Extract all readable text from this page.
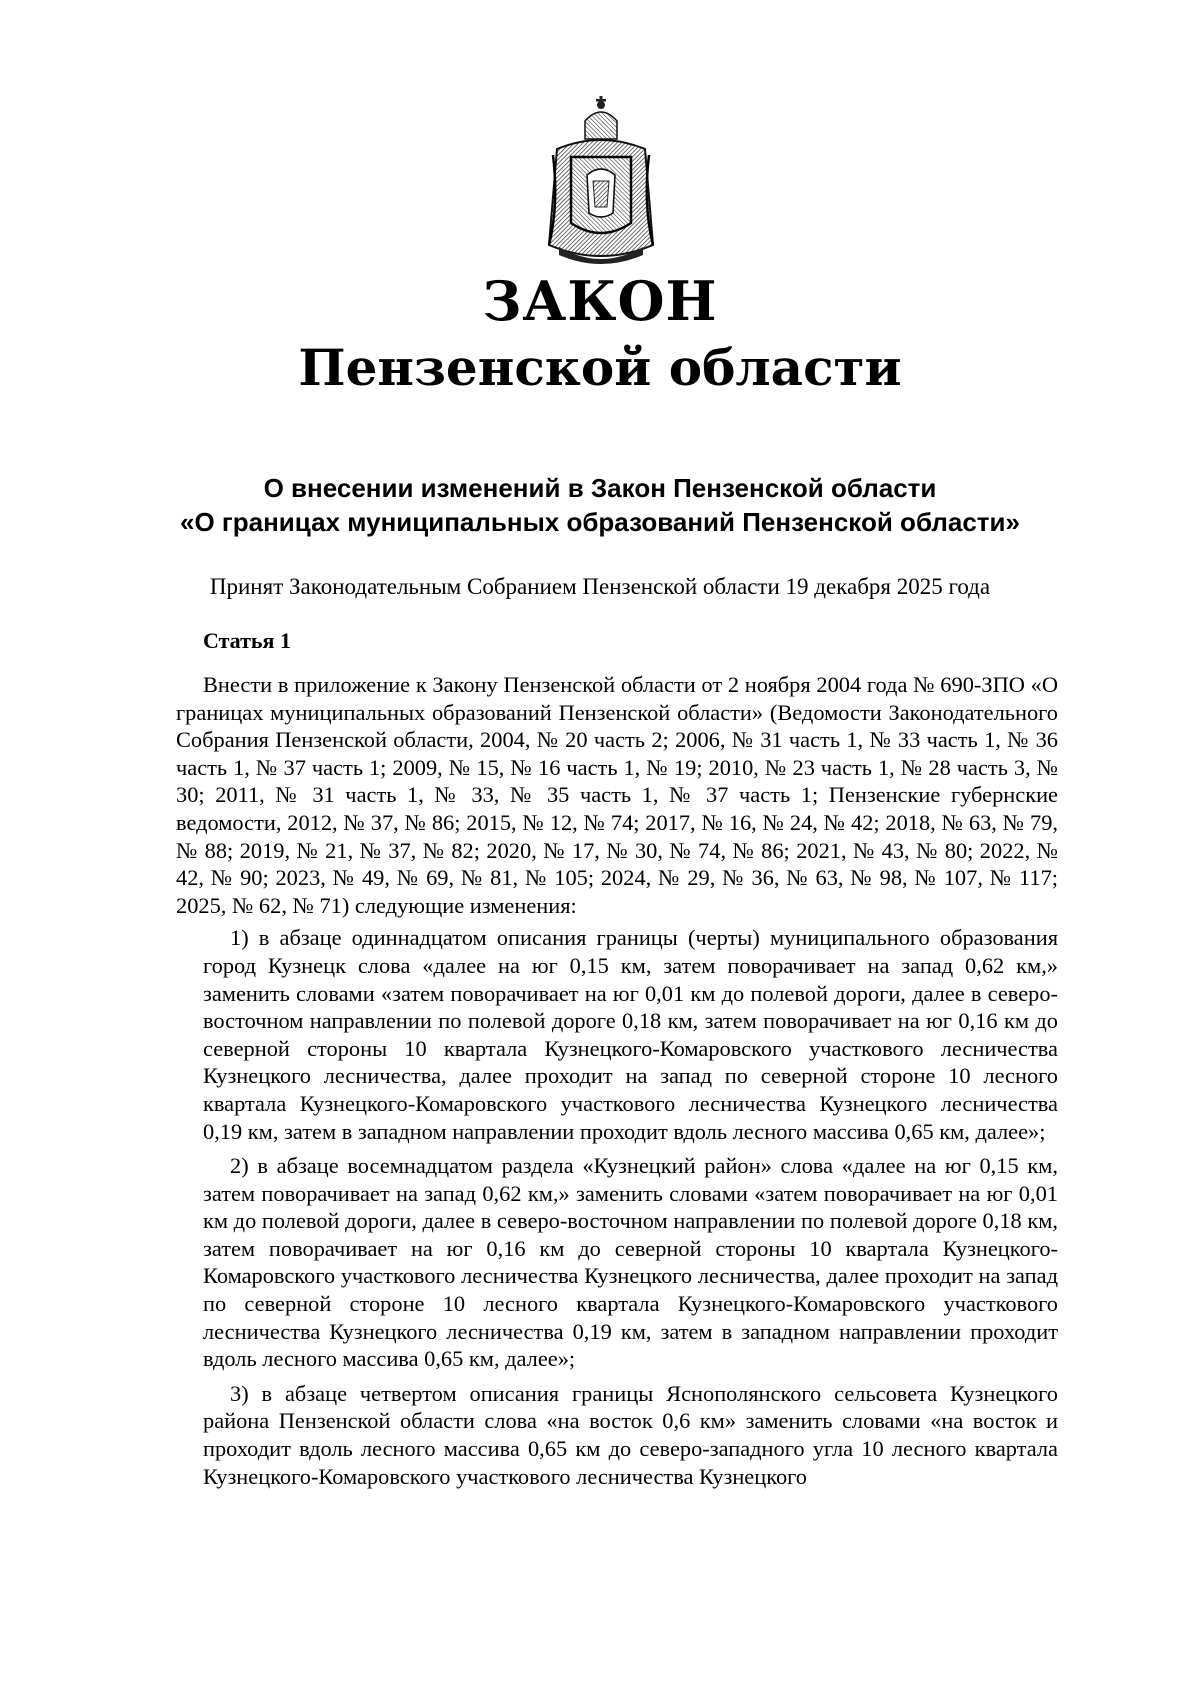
ЗАКОН
Пензенской области
О внесении изменений в Закон Пензенской области
«О границах муниципальных образований Пензенской области»
Принят Законодательным Собранием Пензенской области 19 декабря 2025 года
Статья 1

Внести в приложение к Закону Пензенской области от 2 ноября 2004 года № 690-ЗПО «О границах муниципальных образований Пензенской области» (Ведомости Законодательного Собрания Пензенской области, 2004, № 20 часть 2; 2006, № 31 часть 1, № 33 часть 1, № 36 часть 1, № 37 часть 1; 2009, № 15, № 16 часть 1, № 19; 2010, № 23 часть 1, № 28 часть 3, № 30; 2011, № 31 часть 1, № 33, № 35 часть 1, № 37 часть 1; Пензенские губернские ведомости, 2012, № 37, № 86; 2015, № 12, № 74; 2017, № 16, № 24, № 42; 2018, № 63, № 79, № 88; 2019, № 21, № 37, № 82; 2020, № 17, № 30, № 74, № 86; 2021, № 43, № 80; 2022, № 42, № 90; 2023, № 49, № 69, № 81, № 105; 2024, № 29, № 36, № 63, № 98, № 107, № 117; 2025, № 62, № 71) следующие изменения:

1) в абзаце одиннадцатом описания границы (черты) муниципального образования город Кузнецк слова «далее на юг 0,15 км, затем поворачивает на запад 0,62 км,» заменить словами «затем поворачивает на юг 0,01 км до полевой дороги, далее в северо-восточном направлении по полевой дороге 0,18 км, затем поворачивает на юг 0,16 км до северной стороны 10 квартала Кузнецкого-Комаровского участкового лесничества Кузнецкого лесничества, далее проходит на запад по северной стороне 10 лесного квартала Кузнецкого-Комаровского участкового лесничества Кузнецкого лесничества 0,19 км, затем в западном направлении проходит вдоль лесного массива 0,65 км, далее»;

2) в абзаце восемнадцатом раздела «Кузнецкий район» слова «далее на юг 0,15 км, затем поворачивает на запад 0,62 км,» заменить словами «затем поворачивает на юг 0,01 км до полевой дороги, далее в северо-восточном направлении по полевой дороге 0,18 км, затем поворачивает на юг 0,16 км до северной стороны 10 квартала Кузнецкого-Комаровского участкового лесничества Кузнецкого лесничества, далее проходит на запад по северной стороне 10 лесного квартала Кузнецкого-Комаровского участкового лесничества Кузнецкого лесничества 0,19 км, затем в западном направлении проходит вдоль лесного массива 0,65 км, далее»;

3) в абзаце четвертом описания границы Яснополянского сельсовета Кузнецкого района Пензенской области слова «на восток 0,6 км» заменить словами «на восток и проходит вдоль лесного массива 0,65 км до северо-западного угла 10 лесного квартала Кузнецкого-Комаровского участкового лесничества Кузнецкого
